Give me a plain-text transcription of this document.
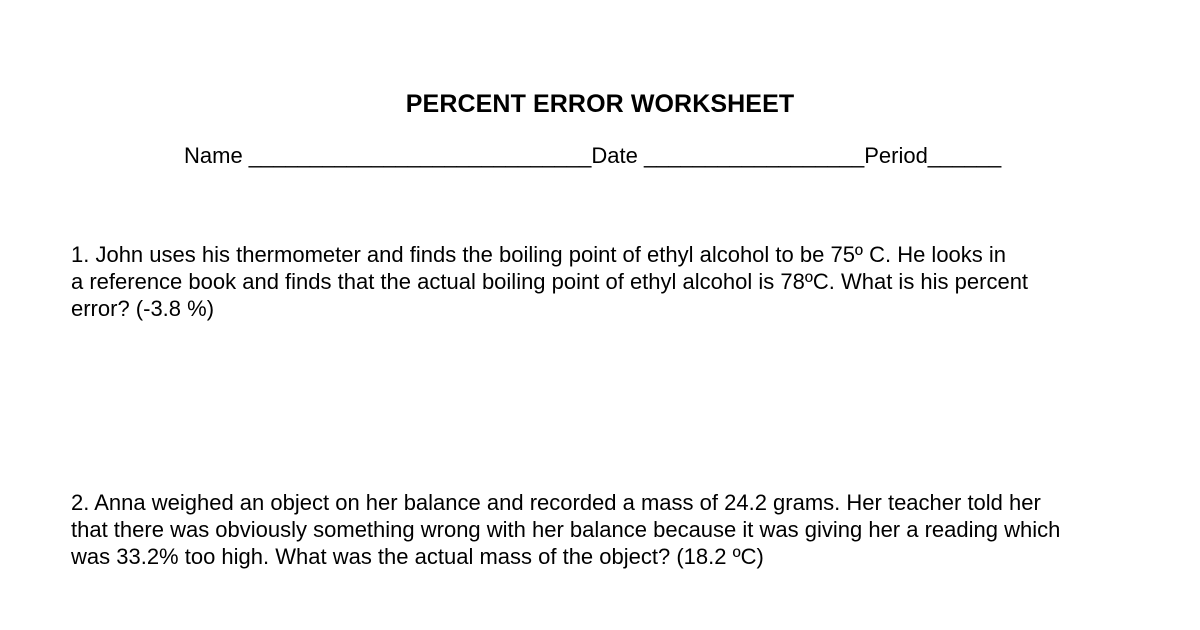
PERCENT ERROR WORKSHEET
Name ____________________________Date __________________Period______
1. John uses his thermometer and finds the boiling point of ethyl alcohol to be 75º C. He looks in
a reference book and finds that the actual boiling point of ethyl alcohol is 78ºC. What is his percent
error? (-3.8 %)
2. Anna weighed an object on her balance and recorded a mass of 24.2 grams. Her teacher told her
that there was obviously something wrong with her balance because it was giving her a reading which
was 33.2% too high. What was the actual mass of the object? (18.2 ºC)
